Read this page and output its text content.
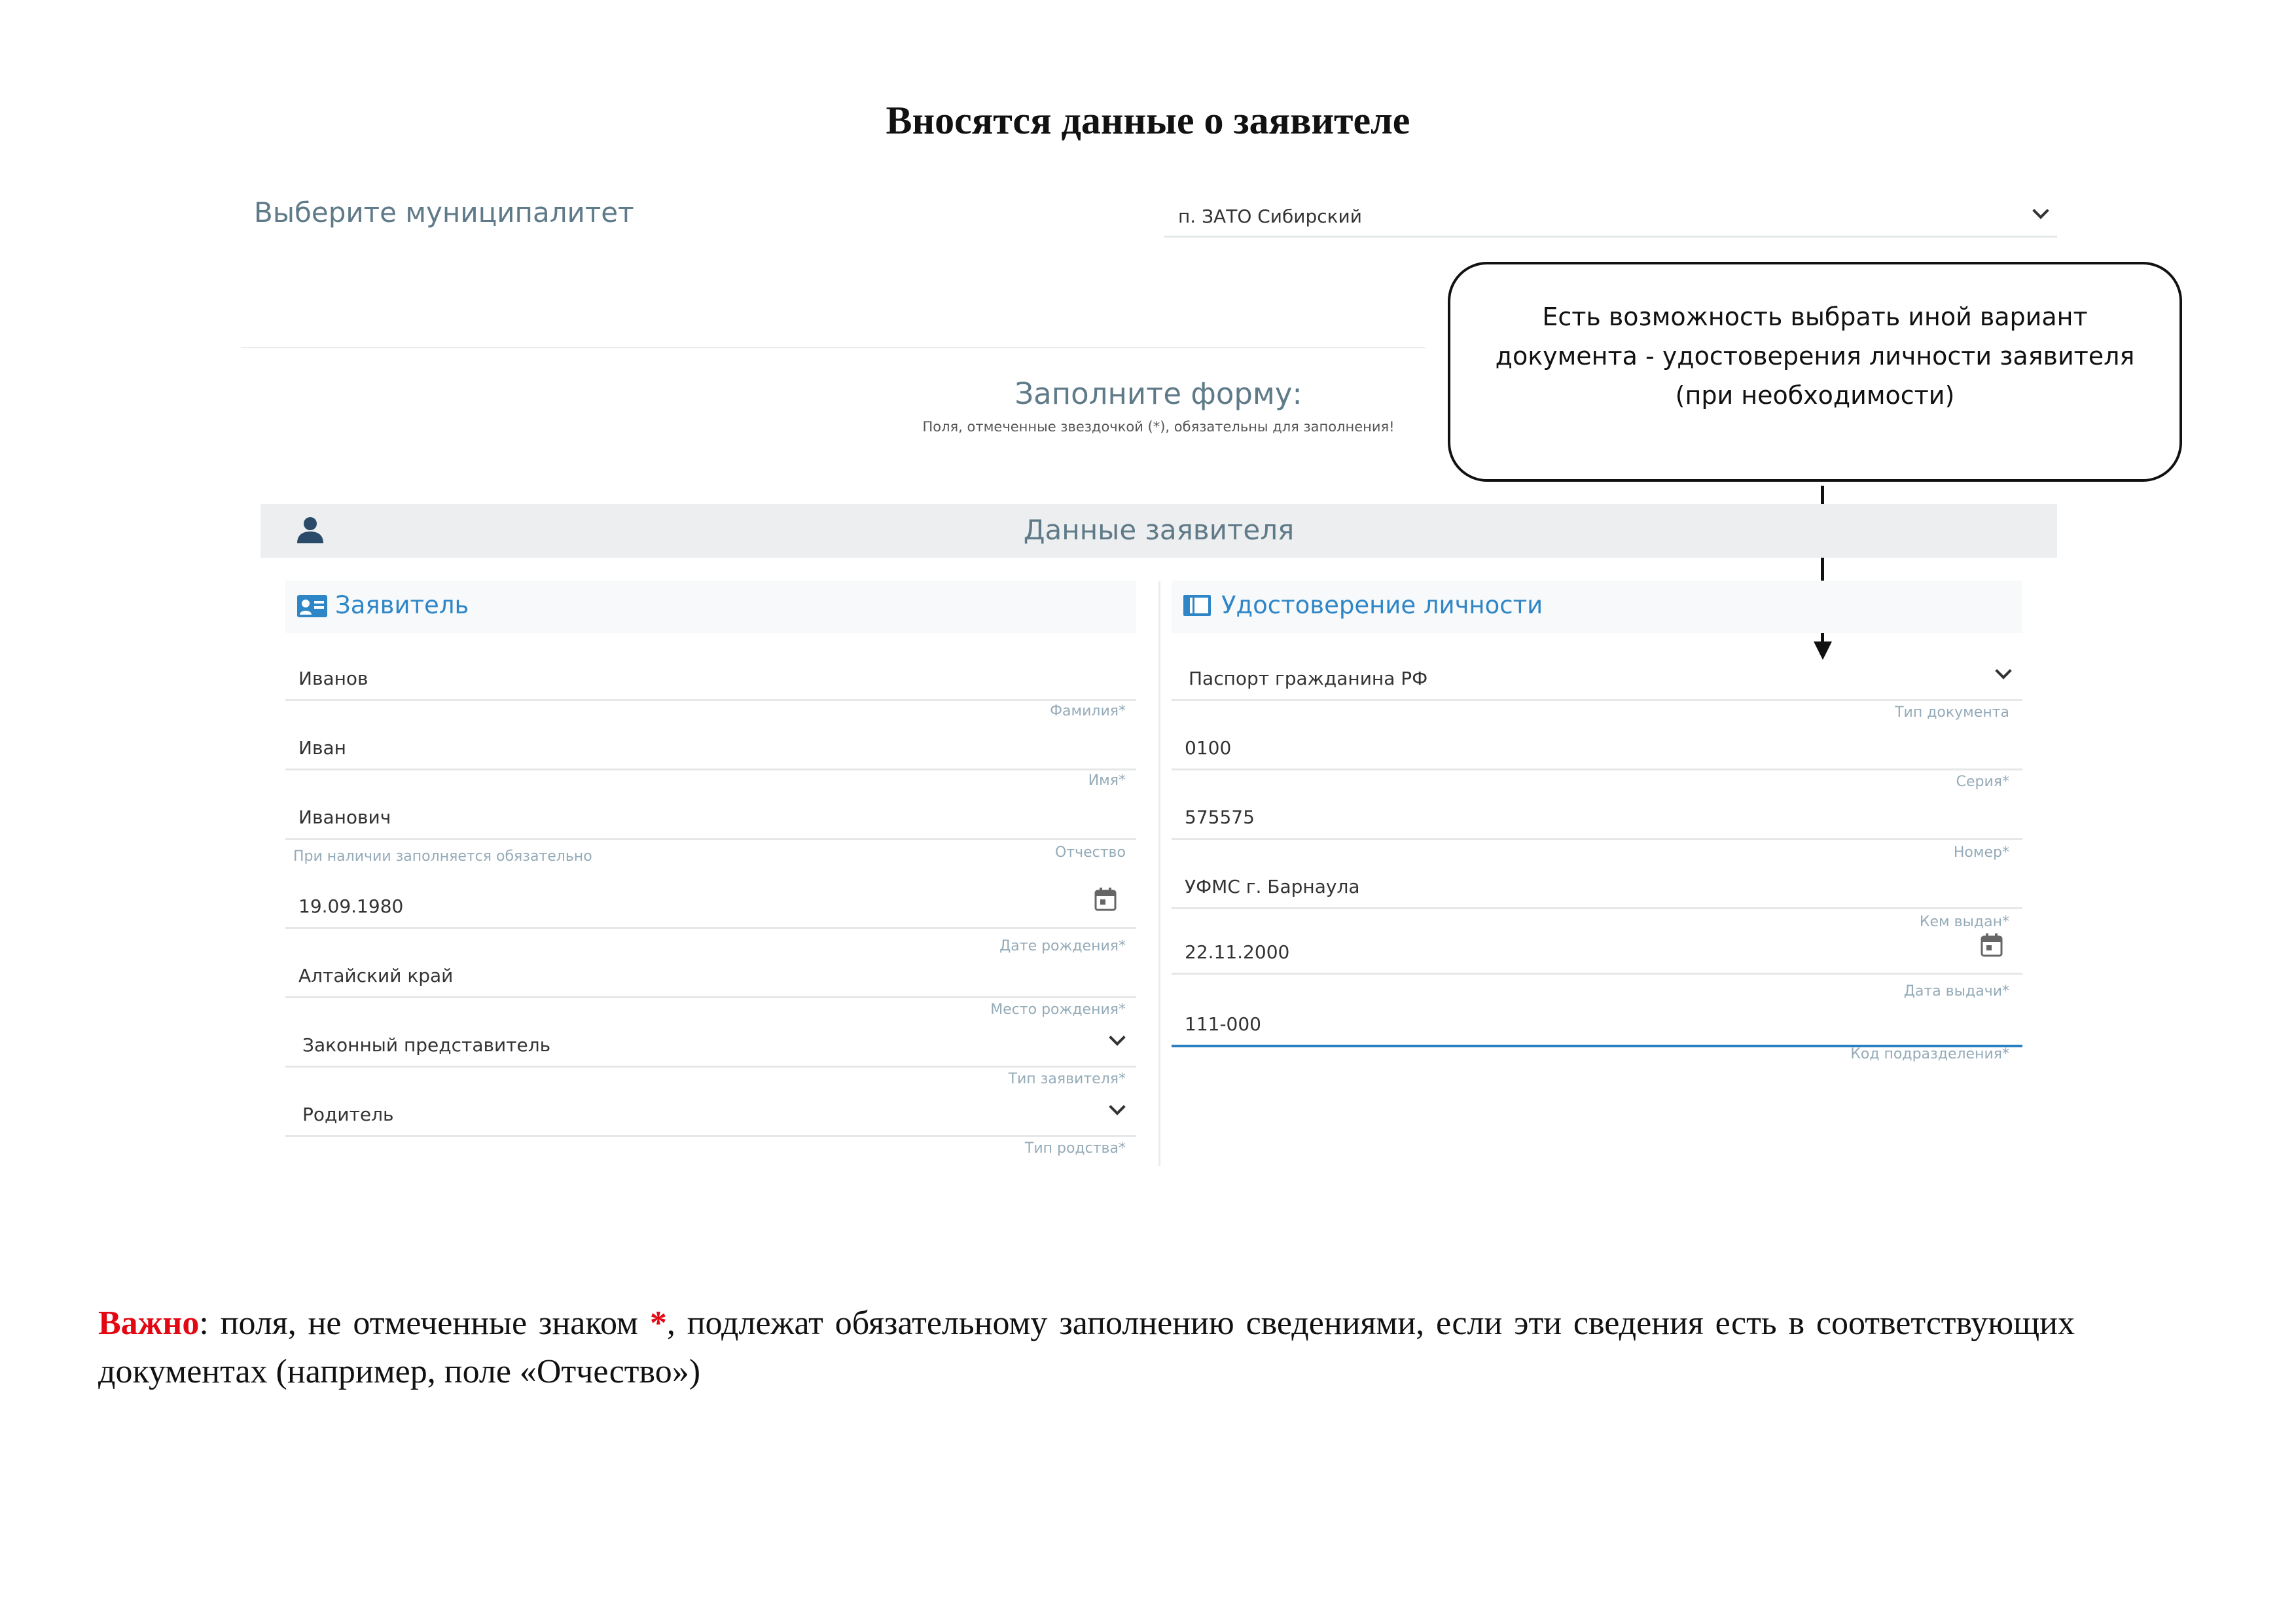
Вносятся данные о заявителе
Выберите муниципалитет	п. ЗАТО Сибирский
Заполните форму:
Поля, отмеченные звездочкой (*), обязательны для заполнения!
Есть возможность выбрать иной вариант документа - удостоверения личности заявителя (при необходимости)
Данные заявителя
Заявитель
Иванов
Фамилия*
Иван
Имя*
Иванович
При наличии заполняется обязательно	Отчество
19.09.1980
Дате рождения*
Алтайский край
Место рождения*
Законный представитель
Тип заявителя*
Родитель
Тип родства*
Удостоверение личности
Паспорт гражданина РФ
Тип документа
0100
Серия*
575575
Номер*
УФМС г. Барнаула
Кем выдан*
22.11.2000
Дата выдачи*
111-000
Код подразделения*
Важно: поля, не отмеченные знаком *, подлежат обязательному заполнению сведениями, если эти сведения есть в соответствующих документах (например, поле «Отчество»)
